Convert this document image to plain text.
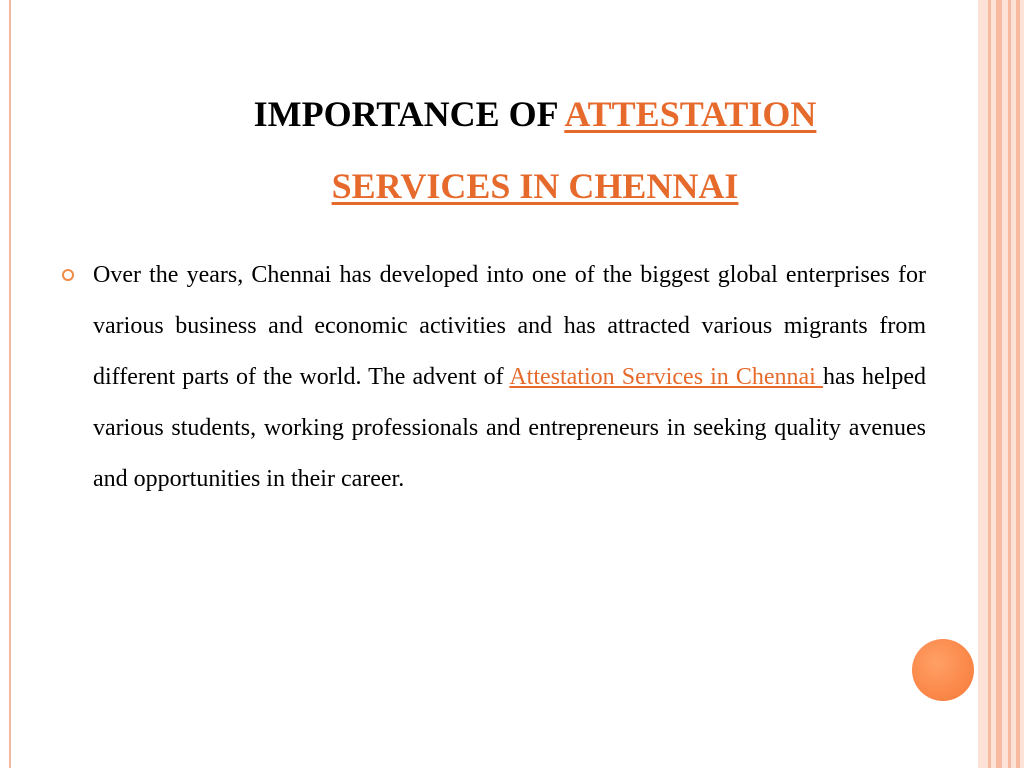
IMPORTANCE OF ATTESTATION
SERVICES IN CHENNAI
Over the years, Chennai has developed into one of the biggest global enterprises for various business and economic activities and has attracted various migrants from different parts of the world. The advent of Attestation Services in Chennai has helped various students, working professionals and entrepreneurs in seeking quality avenues and opportunities in their career.
